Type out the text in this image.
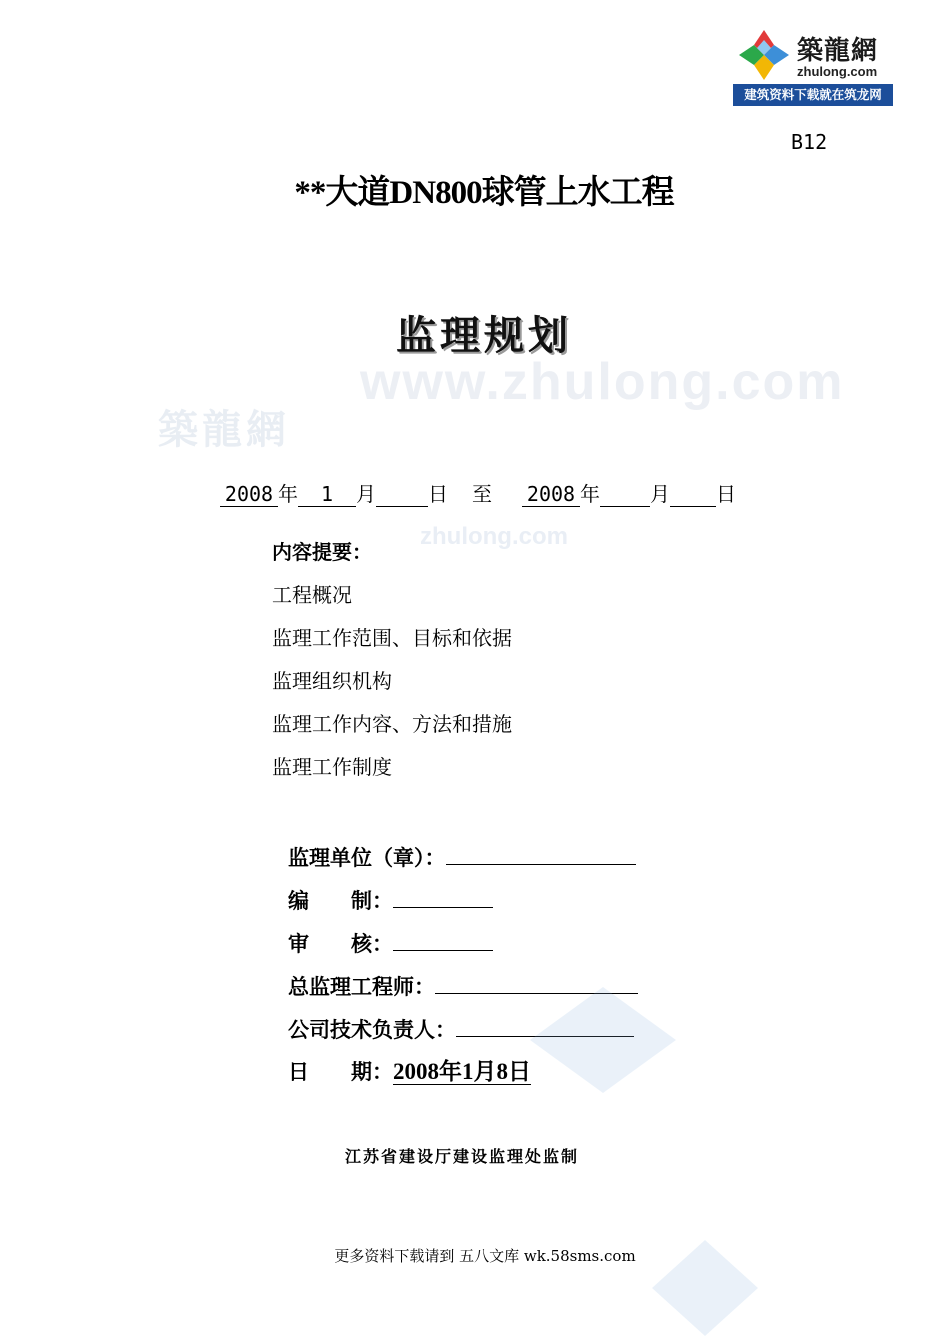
築龍網
zhulong.com
建筑资料下载就在筑龙网
B12
**大道DN800球管上水工程
www.zhulong.com
築龍網
zhulong.com
监理规划
2008 年 1 月	日 至 2008 年	月 日
内容提要：
工程概况
监理工作范围、目标和依据
监理组织机构
监理工作内容、方法和措施
监理工作制度
监理单位（章）：
编　　制：
审　　核：
总监理工程师：
公司技术负责人：
日　　期：2008年1月8日
江苏省建设厅建设监理处监制
更多资料下载请到 五八文库 wk.58sms.com
